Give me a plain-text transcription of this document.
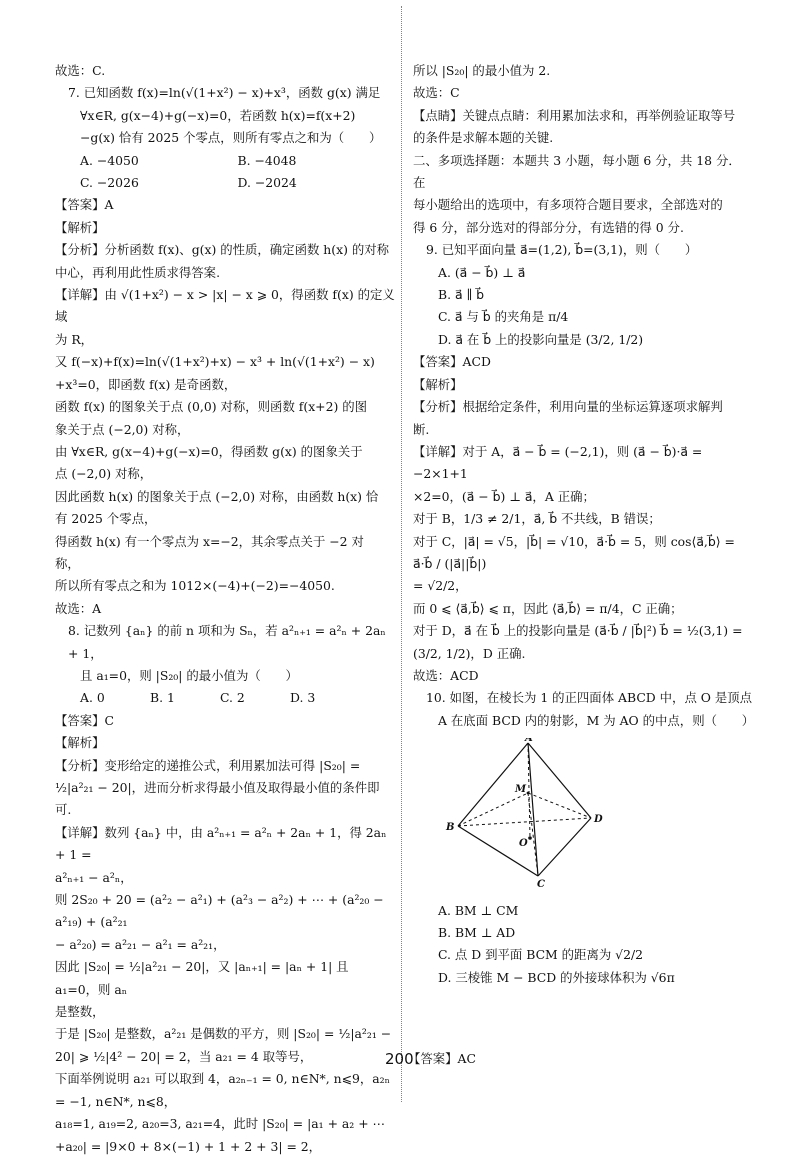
故选：C.

7. 已知函数 f(x)=ln(√(1+x²) − x)+x³，函数 g(x) 满足

∀x∈R, g(x−4)+g(−x)=0，若函数 h(x)=f(x+2)

−g(x) 恰有 2025 个零点，则所有零点之和为（　　）

A. −4050	B. −4048
C. −2026	D. −2024

【答案】A

【解析】

【分析】分析函数 f(x)、g(x) 的性质，确定函数 h(x) 的对称

中心，再利用此性质求得答案.

【详解】由 √(1+x²) − x > |x| − x ⩾ 0，得函数 f(x) 的定义域

为 R，

又 f(−x)+f(x)=ln(√(1+x²)+x) − x³ + ln(√(1+x²) − x)

+x³=0，即函数 f(x) 是奇函数，

函数 f(x) 的图象关于点 (0,0) 对称，则函数 f(x+2) 的图

象关于点 (−2,0) 对称，

由 ∀x∈R, g(x−4)+g(−x)=0，得函数 g(x) 的图象关于

点 (−2,0) 对称，

因此函数 h(x) 的图象关于点 (−2,0) 对称，由函数 h(x) 恰

有 2025 个零点，

得函数 h(x) 有一个零点为 x=−2，其余零点关于 −2 对

称，

所以所有零点之和为 1012×(−4)+(−2)=−4050.

故选：A

8. 记数列 {aₙ} 的前 n 项和为 Sₙ，若 a²ₙ₊₁ = a²ₙ + 2aₙ + 1，

且 a₁=0，则 |S₂₀| 的最小值为（　　）

A. 0	B. 1	C. 2	D. 3

【答案】C

【解析】

【分析】变形给定的递推公式，利用累加法可得 |S₂₀| =

½|a²₂₁ − 20|，进而分析求得最小值及取得最小值的条件即

可.

【详解】数列 {aₙ} 中，由 a²ₙ₊₁ = a²ₙ + 2aₙ + 1，得 2aₙ + 1 =

a²ₙ₊₁ − a²ₙ，

则 2S₂₀ + 20 = (a²₂ − a²₁) + (a²₃ − a²₂) + ⋯ + (a²₂₀ − a²₁₉) + (a²₂₁

− a²₂₀) = a²₂₁ − a²₁ = a²₂₁，

因此 |S₂₀| = ½|a²₂₁ − 20|，又 |aₙ₊₁| = |aₙ + 1| 且 a₁=0，则 aₙ

是整数，

于是 |S₂₀| 是整数，a²₂₁ 是偶数的平方，则 |S₂₀| = ½|a²₂₁ −

20| ⩾ ½|4² − 20| = 2，当 a₂₁ = 4 取等号，

下面举例说明 a₂₁ 可以取到 4，a₂ₙ₋₁ = 0, n∈N*, n⩽9，a₂ₙ

= −1, n∈N*, n⩽8，

a₁₈=1, a₁₉=2, a₂₀=3, a₂₁=4，此时 |S₂₀| = |a₁ + a₂ + ⋯

+a₂₀| = |9×0 + 8×(−1) + 1 + 2 + 3| = 2，

所以 |S₂₀| 的最小值为 2.

故选：C

【点睛】关键点点睛：利用累加法求和，再举例验证取等号

的条件是求解本题的关键.

二、多项选择题：本题共 3 小题，每小题 6 分，共 18 分．在

每小题给出的选项中，有多项符合题目要求，全部选对的

得 6 分，部分选对的得部分分，有选错的得 0 分.

9. 已知平面向量 a⃗=(1,2), b⃗=(3,1)，则（　　）

A. (a⃗ − b⃗) ⊥ a⃗

B. a⃗ ∥ b⃗

C. a⃗ 与 b⃗ 的夹角是 π/4

D. a⃗ 在 b⃗ 上的投影向量是 (3/2, 1/2)

【答案】ACD

【解析】

【分析】根据给定条件，利用向量的坐标运算逐项求解判

断.

【详解】对于 A，a⃗ − b⃗ = (−2,1)，则 (a⃗ − b⃗)·a⃗ = −2×1+1

×2=0，(a⃗ − b⃗) ⊥ a⃗，A 正确；

对于 B，1/3 ≠ 2/1，a⃗, b⃗ 不共线，B 错误；

对于 C，|a⃗| = √5，|b⃗| = √10，a⃗·b⃗ = 5，则 cos⟨a⃗,b⃗⟩ = a⃗·b⃗ / (|a⃗||b⃗|)

= √2/2，

而 0 ⩽ ⟨a⃗,b⃗⟩ ⩽ π，因此 ⟨a⃗,b⃗⟩ = π/4，C 正确；

对于 D，a⃗ 在 b⃗ 上的投影向量是 (a⃗·b⃗ / |b⃗|²) b⃗ = ½(3,1) =

(3/2, 1/2)，D 正确.

故选：ACD

10. 如图，在棱长为 1 的正四面体 ABCD 中，点 O 是顶点

A 在底面 BCD 内的射影，M 为 AO 的中点，则（　　）

A
B
C
D
M
O

A. BM ⊥ CM

B. BM ⊥ AD

C. 点 D 到平面 BCM 的距离为 √2/2

D. 三棱锥 M − BCD 的外接球体积为 √6π

200
【答案】AC
